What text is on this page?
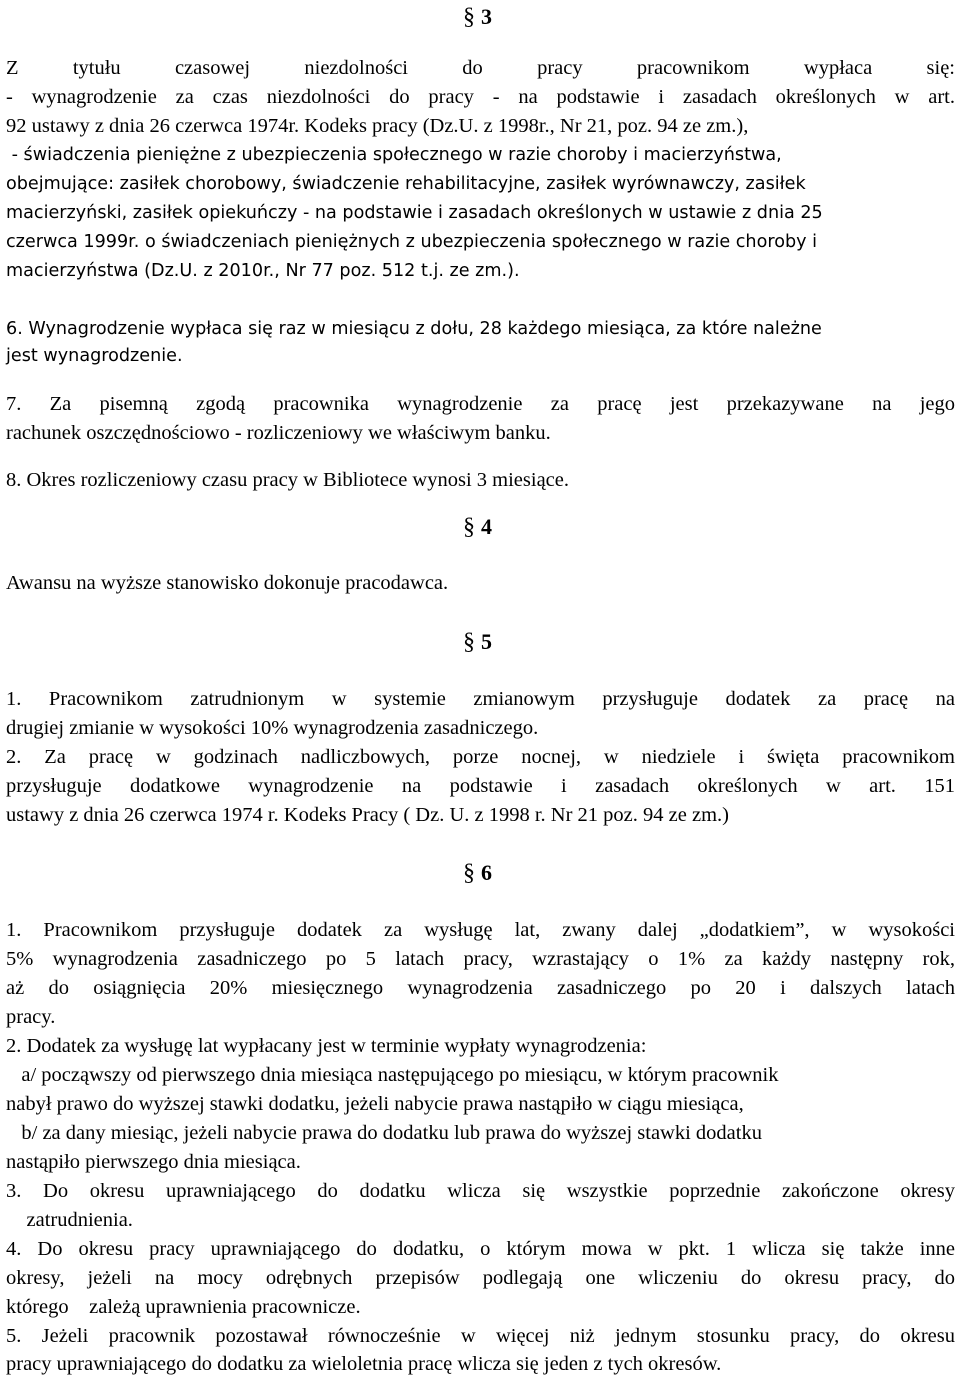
§ 3
Z tytułu czasowej niezdolności do pracy pracownikom wypłaca się:
- wynagrodzenie za czas niezdolności do pracy - na podstawie i zasadach określonych w art.
92 ustawy z dnia 26 czerwca 1974r. Kodeks pracy (Dz.U. z 1998r., Nr 21, poz. 94 ze zm.),
- świadczenia pieniężne z ubezpieczenia społecznego w razie choroby i macierzyństwa,
obejmujące: zasiłek chorobowy, świadczenie rehabilitacyjne, zasiłek wyrównawczy, zasiłek
macierzyński, zasiłek opiekuńczy - na podstawie i zasadach określonych w ustawie z dnia 25
czerwca 1999r. o świadczeniach pieniężnych z ubezpieczenia społecznego w razie choroby i
macierzyństwa (Dz.U. z 2010r., Nr 77 poz. 512 t.j. ze zm.).
6. Wynagrodzenie wypłaca się raz w miesiącu z dołu, 28 każdego miesiąca, za które należne
jest wynagrodzenie.
7. Za pisemną zgodą pracownika wynagrodzenie za pracę jest przekazywane na jego
rachunek oszczędnościowo - rozliczeniowy we właściwym banku.
8. Okres rozliczeniowy czasu pracy w Bibliotece wynosi 3 miesiące.
§ 4
Awansu na wyższe stanowisko dokonuje pracodawca.
§ 5
1. Pracownikom zatrudnionym w systemie zmianowym przysługuje dodatek za pracę na
drugiej zmianie w wysokości 10% wynagrodzenia zasadniczego.
2. Za pracę w godzinach nadliczbowych, porze nocnej, w niedziele i święta pracownikom
przysługuje dodatkowe wynagrodzenie na podstawie i zasadach określonych w art. 151
ustawy z dnia 26 czerwca 1974 r. Kodeks Pracy ( Dz. U. z 1998 r. Nr 21 poz. 94 ze zm.)
§ 6
1. Pracownikom przysługuje dodatek za wysługę lat, zwany dalej „dodatkiem”, w wysokości
5% wynagrodzenia zasadniczego po 5 latach pracy, wzrastający o 1% za każdy następny rok,
aż do osiągnięcia 20% miesięcznego wynagrodzenia zasadniczego po 20 i dalszych latach
pracy.
2. Dodatek za wysługę lat wypłacany jest w terminie wypłaty wynagrodzenia:
a/ począwszy od pierwszego dnia miesiąca następującego po miesiącu, w którym pracownik
nabył prawo do wyższej stawki dodatku, jeżeli nabycie prawa nastąpiło w ciągu miesiąca,
b/ za dany miesiąc, jeżeli nabycie prawa do dodatku lub prawa do wyższej stawki dodatku
nastąpiło pierwszego dnia miesiąca.
3. Do okresu uprawniającego do dodatku wlicza się wszystkie poprzednie zakończone okresy
zatrudnienia.
4. Do okresu pracy uprawniającego do dodatku, o którym mowa w pkt. 1 wlicza się także inne
okresy, jeżeli na mocy odrębnych przepisów podlegają one wliczeniu do okresu pracy, do
którego    zależą uprawnienia pracownicze.
5. Jeżeli pracownik pozostawał równocześnie w więcej niż jednym stosunku pracy, do okresu
pracy uprawniającego do dodatku za wieloletnia pracę wlicza się jeden z tych okresów.
